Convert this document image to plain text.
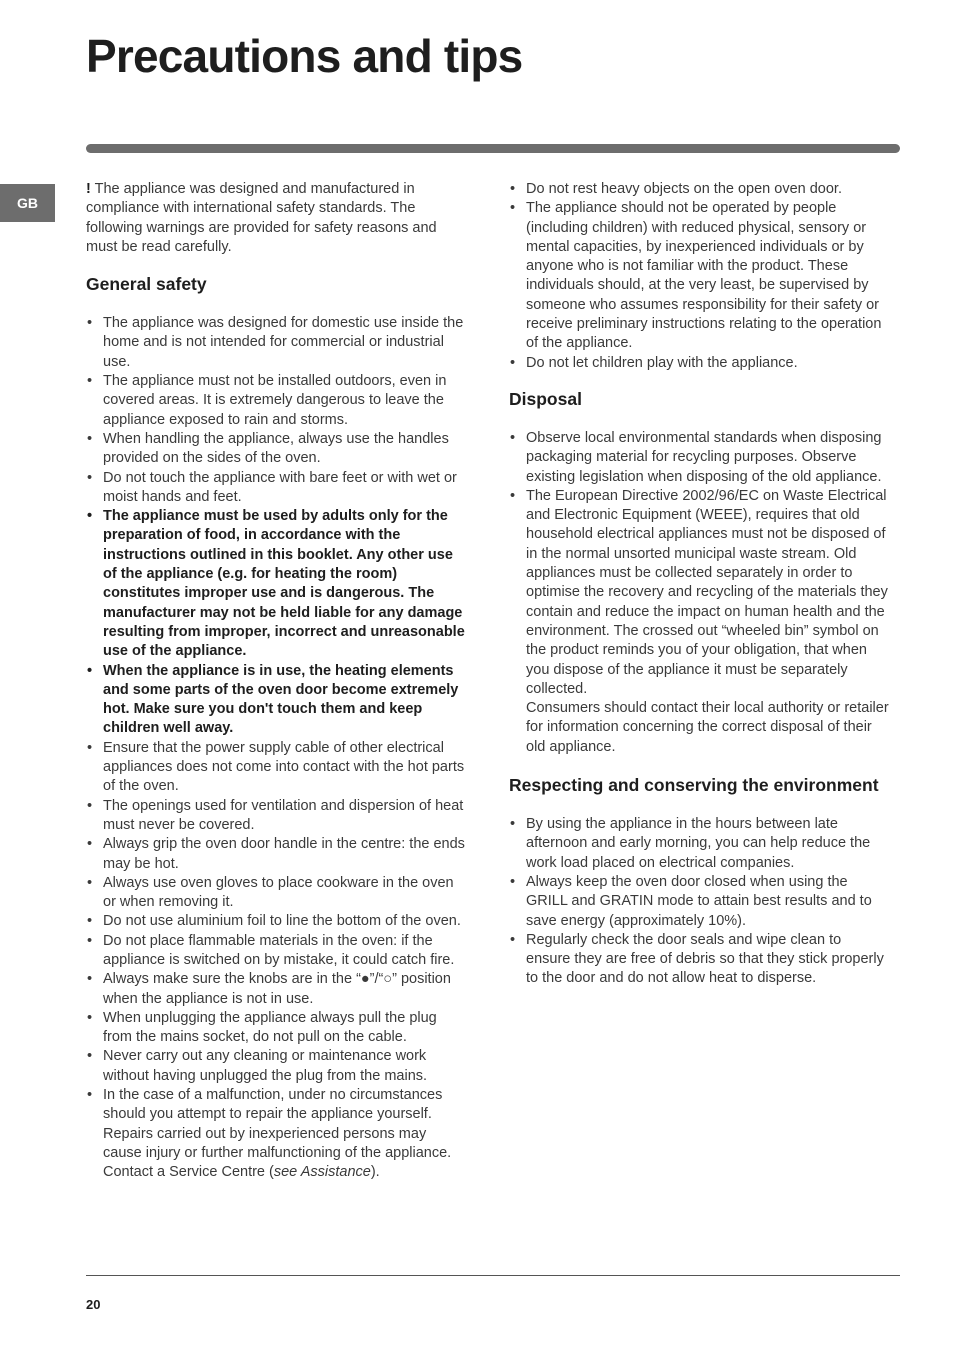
Precautions and tips
GB

! The appliance was designed and manufactured in compliance with international safety standards. The following warnings are provided for safety reasons and must be read carefully.

General safety
• The appliance was designed for domestic use inside the home and is not intended for commercial or industrial use.
• The appliance must not be installed outdoors, even in covered areas. It is extremely dangerous to leave the appliance exposed to rain and storms.
• When handling the appliance, always use the handles provided on the sides of the oven.
• Do not touch the appliance with bare feet or with wet or moist hands and feet.
• The appliance must be used by adults only for the preparation of food, in accordance with the instructions outlined in this booklet. Any other use of the appliance (e.g. for heating the room) constitutes improper use and is dangerous. The manufacturer may not be held liable for any damage resulting from improper, incorrect and unreasonable use of the appliance.
• When the appliance is in use, the heating elements and some parts of the oven door become extremely hot. Make sure you don't touch them and keep children well away.
• Ensure that the power supply cable of other electrical appliances does not come into contact with the hot parts of the oven.
• The openings used for ventilation and dispersion of heat must never be covered.
• Always grip the oven door handle in the centre: the ends may be hot.
• Always use oven gloves to place cookware in the oven or when removing it.
• Do not use aluminium foil to line the bottom of the oven.
• Do not place flammable materials in the oven: if the appliance is switched on by mistake, it could catch fire.
• Always make sure the knobs are in the “●”/“○” position when the appliance is not in use.
• When unplugging the appliance always pull the plug from the mains socket, do not pull on the cable.
• Never carry out any cleaning or maintenance work without having unplugged the plug from the mains.
• In the case of a malfunction, under no circumstances should you attempt to repair the appliance yourself. Repairs carried out by inexperienced persons may cause injury or further malfunctioning of the appliance. Contact a Service Centre (see Assistance).
• Do not rest heavy objects on the open oven door.
• The appliance should not be operated by people (including children) with reduced physical, sensory or mental capacities, by inexperienced individuals or by anyone who is not familiar with the product. These individuals should, at the very least, be supervised by someone who assumes responsibility for their safety or receive preliminary instructions relating to the operation of the appliance.
• Do not let children play with the appliance.
Disposal
• Observe local environmental standards when disposing packaging material for recycling purposes. Observe existing legislation when disposing of the old appliance.
• The European Directive 2002/96/EC on Waste Electrical and Electronic Equipment (WEEE), requires that old household electrical appliances must not be disposed of in the normal unsorted municipal waste stream. Old appliances must be collected separately in order to optimise the recovery and recycling of the materials they contain and reduce the impact on human health and the environment. The crossed out “wheeled bin” symbol on the product reminds you of your obligation, that when you dispose of the appliance it must be separately collected.
Consumers should contact their local authority or retailer for information concerning the correct disposal of their old appliance.
Respecting and conserving the environment
• By using the appliance in the hours between late afternoon and early morning, you can help reduce the work load placed on electrical companies.
• Always keep the oven door closed when using the GRILL and GRATIN mode to attain best results and to save energy (approximately 10%).
• Regularly check the door seals and wipe clean to ensure they are free of debris so that they stick properly to the door and do not allow heat to disperse.
20
